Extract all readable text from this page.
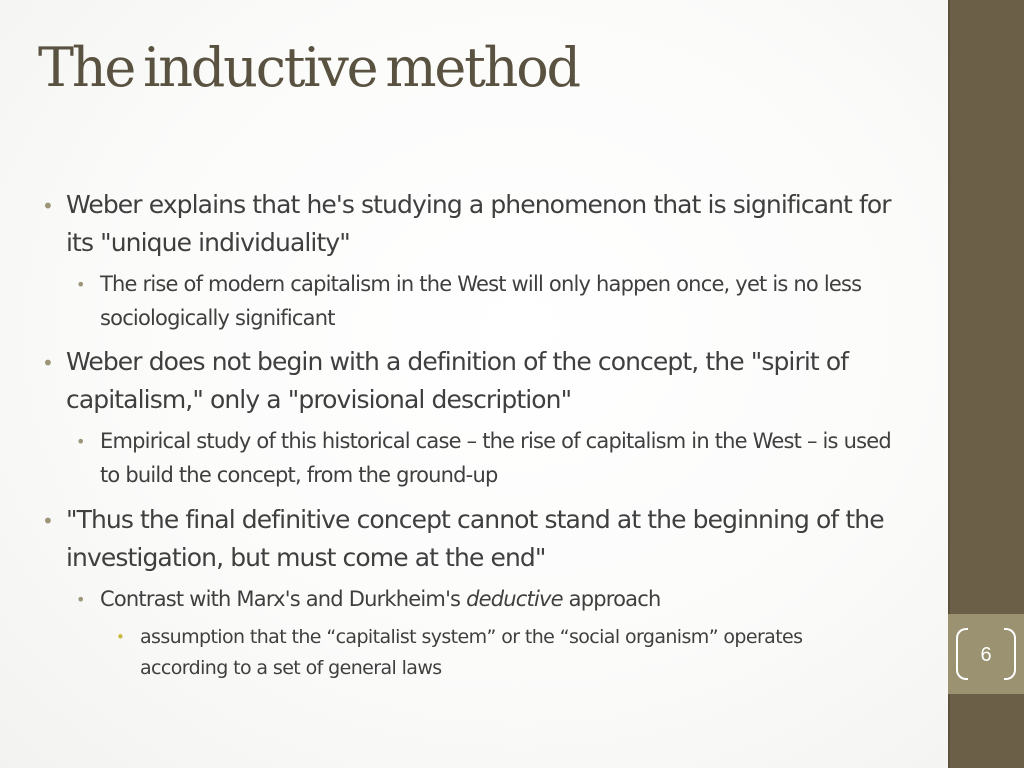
6
The inductive method
• Weber explains that he's studying a phenomenon that is significant for its "unique individuality"

• The rise of modern capitalism in the West will only happen once, yet is no less sociologically significant

• Weber does not begin with a definition of the concept, the "spirit of capitalism," only a "provisional description"

• Empirical study of this historical case – the rise of capitalism in the West – is used to build the concept, from the ground-up

• "Thus the final definitive concept cannot stand at the beginning of the investigation, but must come at the end"

• Contrast with Marx's and Durkheim's deductive approach

• assumption that the “capitalist system” or the “social organism” operates according to a set of general laws
